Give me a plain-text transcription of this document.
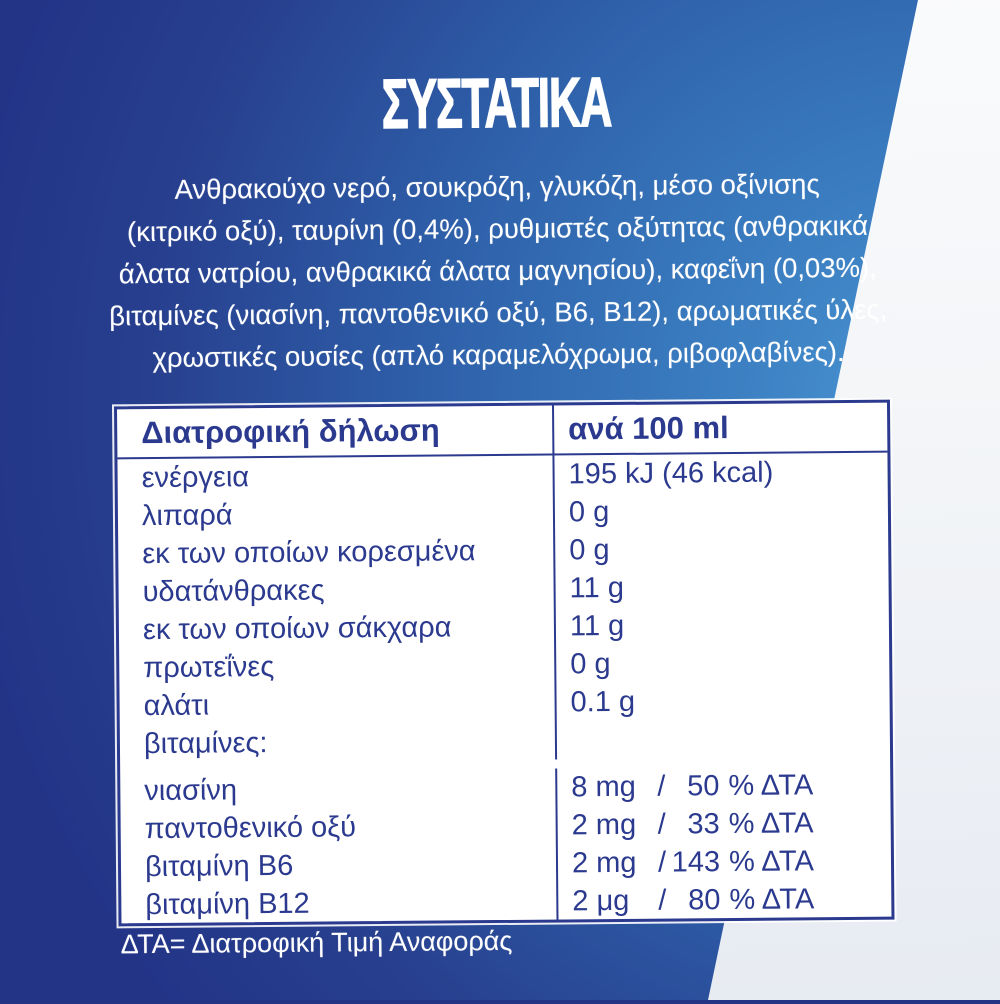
ΣΥΣΤΑΤΙΚΑ
Ανθρακούχο νερό, σουκρόζη, γλυκόζη, μέσο οξίνισης
(κιτρικό οξύ), ταυρίνη (0,4%), ρυθμιστές οξύτητας (ανθρακικά
άλατα νατρίου, ανθρακικά άλατα μαγνησίου), καφεΐνη (0,03%),
βιταμίνες (νιασίνη, παντοθενικό οξύ, B6, B12), αρωματικές ύλες,
χρωστικές ουσίες (απλό καραμελόχρωμα, ριβοφλαβίνες).
Διατροφική δήλωση	ανά 100 ml
ενέργεια	195 kJ (46 kcal)
λιπαρά	0 g
εκ των οποίων κορεσμένα	0 g
υδατάνθρακες	11 g
εκ των οποίων σάκχαρα	11 g
πρωτεΐνες	0 g
αλάτι	0.1 g
βιταμίνες:
νιασίνη	8 mg / 50 % ΔΤΑ
παντοθενικό οξύ	2 mg / 33 % ΔΤΑ
βιταμίνη B6	2 mg / 143 % ΔΤΑ
βιταμίνη B12	2 μg / 80 % ΔΤΑ
ΔΤΑ= Διατροφική Τιμή Αναφοράς
